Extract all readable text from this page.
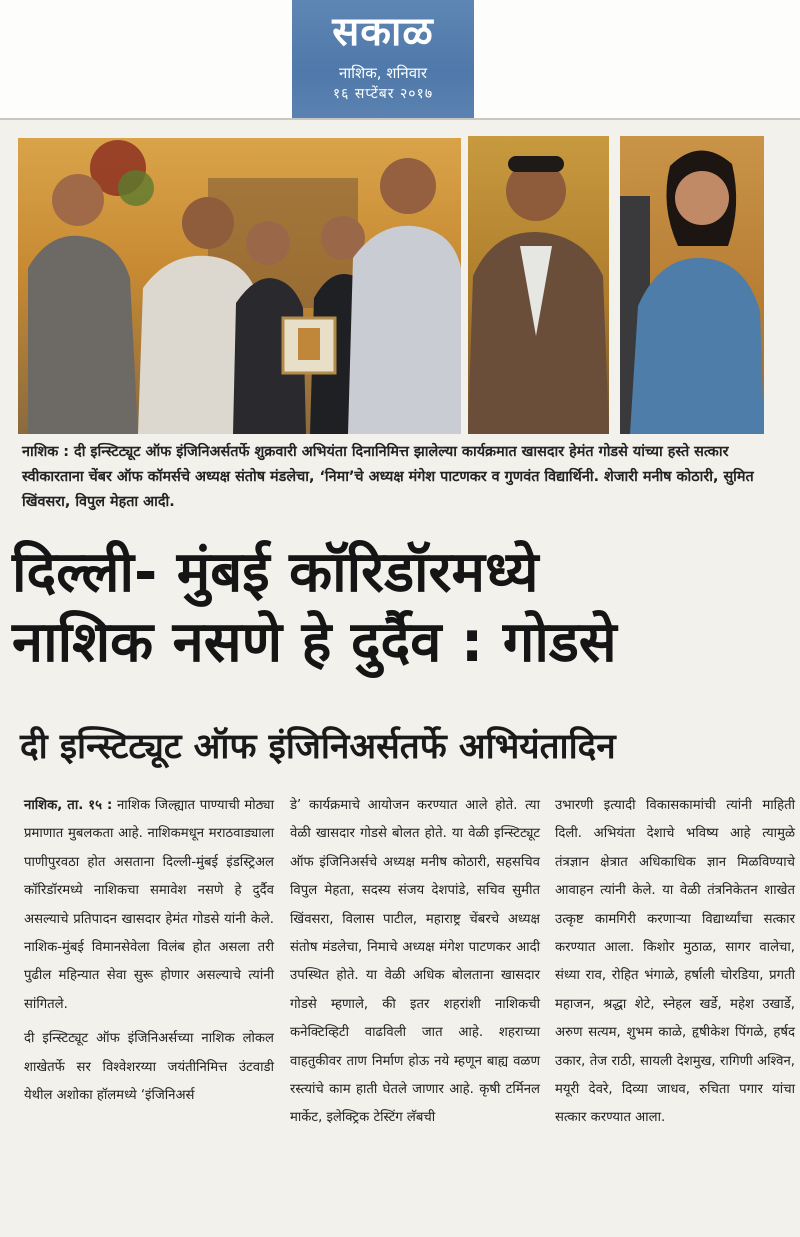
सकाळ
नाशिक, शनिवार
१६ सप्टेंबर २०१७
नाशिक : दी इन्स्टिट्यूट ऑफ इंजिनिअर्सतर्फे शुक्रवारी अभियंता दिनानिमित्त झालेल्या कार्यक्रमात खासदार हेमंत गोडसे यांच्या हस्ते सत्कार स्वीकारताना चेंबर ऑफ कॉमर्सचे अध्यक्ष संतोष मंडलेचा, ‘निमा’चे अध्यक्ष मंगेश पाटणकर व गुणवंत विद्यार्थिनी. शेजारी मनीष कोठारी, सुमित खिंवसरा, विपुल मेहता आदी.
दिल्ली- मुंबई कॉरिडॉरमध्ये
नाशिक नसणे हे दुर्दैव : गोडसे
दी इन्स्टिट्यूट ऑफ इंजिनिअर्सतर्फे अभियंतादिन

नाशिक, ता. १५ : नाशिक जिल्ह्यात पाण्याची मोठ्या प्रमाणात मुबलकता आहे. नाशिकमधून मराठवाड्याला पाणीपुरवठा होत असताना दिल्ली-मुंबई इंडस्ट्रिअल कॉरिडॉरमध्ये नाशिकचा समावेश नसणे हे दुर्दैव असल्याचे प्रतिपादन खासदार हेमंत गोडसे यांनी केले. नाशिक-मुंबई विमानसेवेला विलंब होत असला तरी पुढील महिन्यात सेवा सुरू होणार असल्याचे त्यांनी सांगितले.

दी इन्स्टिट्यूट ऑफ इंजिनिअर्सच्या नाशिक लोकल शाखेतर्फे सर विश्वेशरय्या जयंतीनिमित्त उंटवाडी येथील अशोका हॉलमध्ये ‘इंजिनिअर्स

डे’ कार्यक्रमाचे आयोजन करण्यात आले होते. त्या वेळी खासदार गोडसे बोलत होते. या वेळी इन्स्टिट्यूट ऑफ इंजिनिअर्सचे अध्यक्ष मनीष कोठारी, सहसचिव विपुल मेहता, सदस्य संजय देशपांडे, सचिव सुमीत खिंवसरा, विलास पाटील, महाराष्ट्र चेंबरचे अध्यक्ष संतोष मंडलेचा, निमाचे अध्यक्ष मंगेश पाटणकर आदी उपस्थित होते. या वेळी अधिक बोलताना खासदार गोडसे म्हणाले, की इतर शहरांशी नाशिकची कनेक्टिव्हिटी वाढविली जात आहे. शहराच्या वाहतुकीवर ताण निर्माण होऊ नये म्हणून बाह्य वळण रस्त्यांचे काम हाती घेतले जाणार आहे. कृषी टर्मिनल मार्केट, इलेक्ट्रिक टेस्टिंग लॅबची

उभारणी इत्यादी विकासकामांची त्यांनी माहिती दिली. अभियंता देशाचे भविष्य आहे त्यामुळे तंत्रज्ञान क्षेत्रात अधिकाधिक ज्ञान मिळविण्याचे आवाहन त्यांनी केले. या वेळी तंत्रनिकेतन शाखेत उत्कृष्ट कामगिरी करणाऱ्या विद्यार्थ्यांचा सत्कार करण्यात आला. किशोर मुठाळ, सागर वालेचा, संध्या राव, रोहित भंगाळे, हर्षाली चोरडिया, प्रगती महाजन, श्रद्धा शेटे, स्नेहल खर्डे, महेश उखार्डे, अरुण सत्यम, शुभम काळे, हृषीकेश पिंगळे, हर्षद उकार, तेज राठी, सायली देशमुख, रागिणी अश्विन, मयूरी देवरे, दिव्या जाधव, रुचिता पगार यांचा सत्कार करण्यात आला.
